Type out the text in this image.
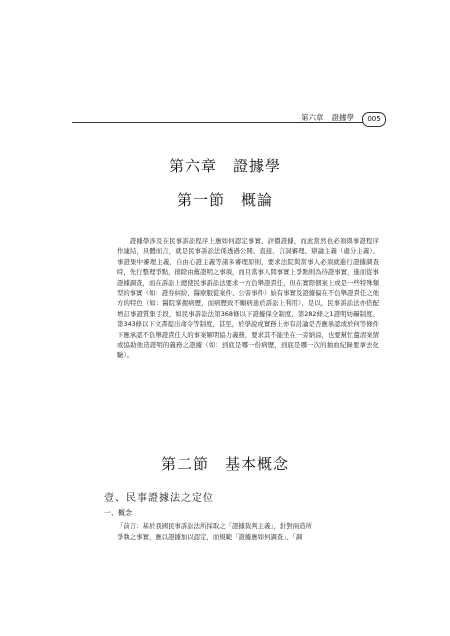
第六章 證據學	005
第六章　證據學
第一節　概論

證據學涉及在民事訴訟程序上應如何認定事實、評價證據，而此當然也必須與事證程序作連結，具體而言，就是民事訴訟法係透過公開、直接、言詞審理、辯論主義（處分主義）、事證集中審理主義、自由心證主義等諸多審理原則，要求法院與當事人必須就進行證據調查時，先行整理爭點，排除由舊證明之事項，而且當事人間事實上爭點則為待證事實，進而從事證據調查，而在訴訟上總使民事訴訟法要求一方負舉證責任，但在實際個案上或是一些特殊類型的事實（如：證券糾紛、醫療服從案件、公害事件）始有事實及證據偏在不負舉證責任之他方的特色（如：醫院掌握病歷，而病歷致不願病患於訴訟上利用），是以，民事訴訟法亦搭配增訂事證質集手段，如民事訴訟法第368條以下證據保全制度、第282條之1證明妨礙制度、第343條以下文書提出命令等制度，甚至，於學說或實務上亦有討論是否應承認或於何等條件下應承認不負舉證責任人的事案解明協力義務，要求其不能坐在一旁納涼，也要幫忙釐清案情或協助他造證明的義務之證據（如：到底是哪一份病歷，到底是哪一次的抽血紀錄要拿去化驗）。

第二節　基本概念
壹、民事證據法之定位
一、概念

「前言：基於我國民事訴訟法所採取之「證據裁判主義」，針對兩造所

爭執之事實，應以證據加以認定，而規範「證據應如何調查」、「調
